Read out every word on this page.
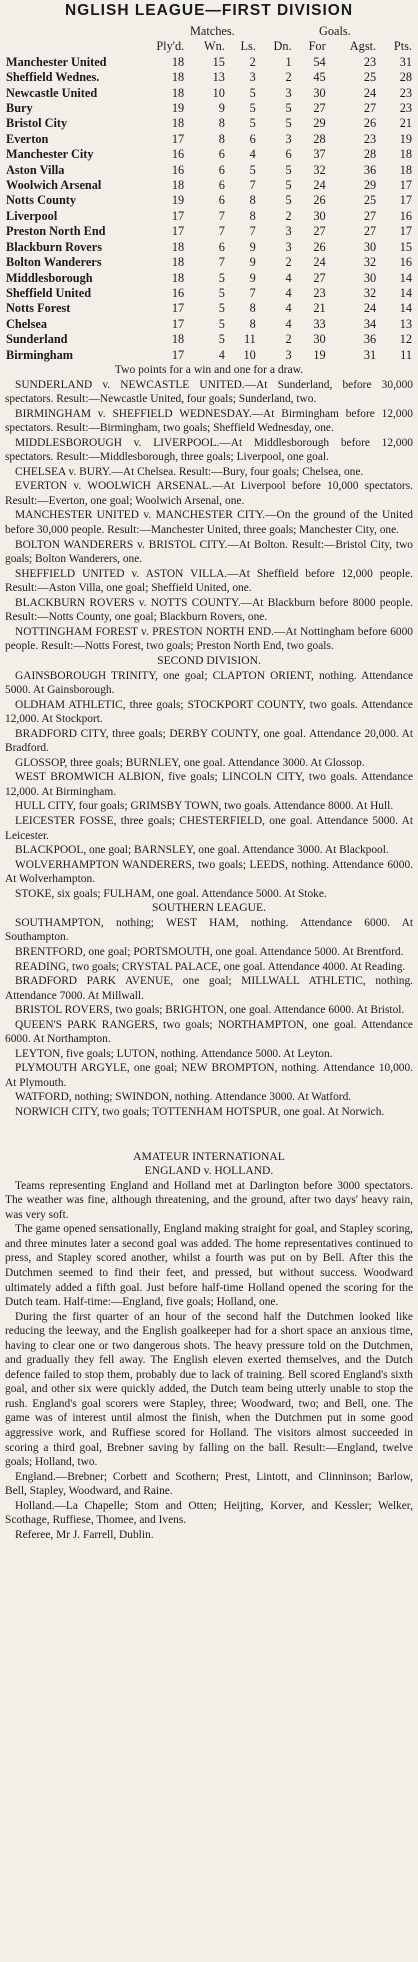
NGLISH LEAGUE—FIRST DIVISION
	Matches.				Goals.		
	Ply'd.	Wn.	Ls.	Dn.	For	Agst.	Pts.
Manchester United	18	15	2	1	54	23	31
Sheffield Wednes.	18	13	3	2	45	25	28
Newcastle United	18	10	5	3	30	24	23
Bury	19	9	5	5	27	27	23
Bristol City	18	8	5	5	29	26	21
Everton	17	8	6	3	28	23	19
Manchester City	16	6	4	6	37	28	18
Aston Villa	16	6	5	5	32	36	18
Woolwich Arsenal	18	6	7	5	24	29	17
Notts County	19	6	8	5	26	25	17
Liverpool	17	7	8	2	30	27	16
Preston North End	17	7	7	3	27	27	17
Blackburn Rovers	18	6	9	3	26	30	15
Bolton Wanderers	18	7	9	2	24	32	16
Middlesborough	18	5	9	4	27	30	14
Sheffield United	16	5	7	4	23	32	14
Notts Forest	17	5	8	4	21	24	14
Chelsea	17	5	8	4	33	34	13
Sunderland	18	5	11	2	30	36	12
Birmingham	17	4	10	3	19	31	11

Two points for a win and one for a draw.

SUNDERLAND v. NEWCASTLE UNITED.—At Sunderland, before 30,000 spectators. Result:—Newcastle United, four goals; Sunderland, two.

BIRMINGHAM v. SHEFFIELD WEDNESDAY.—At Birmingham before 12,000 spectators. Result:—Birmingham, two goals; Sheffield Wednesday, one.

MIDDLESBOROUGH v. LIVERPOOL.—At Middlesborough before 12,000 spectators. Result:—Middlesborough, three goals; Liverpool, one goal.

CHELSEA v. BURY.—At Chelsea. Result:—Bury, four goals; Chelsea, one.

EVERTON v. WOOLWICH ARSENAL.—At Liverpool before 10,000 spectators. Result:—Everton, one goal; Woolwich Arsenal, one.

MANCHESTER UNITED v. MANCHESTER CITY.—On the ground of the United before 30,000 people. Result:—Manchester United, three goals; Manchester City, one.

BOLTON WANDERERS v. BRISTOL CITY.—At Bolton. Result:—Bristol City, two goals; Bolton Wanderers, one.

SHEFFIELD UNITED v. ASTON VILLA.—At Sheffield before 12,000 people. Result:—Aston Villa, one goal; Sheffield United, one.

BLACKBURN ROVERS v. NOTTS COUNTY.—At Blackburn before 8000 people. Result:—Notts County, one goal; Blackburn Rovers, one.

NOTTINGHAM FOREST v. PRESTON NORTH END.—At Nottingham before 6000 people. Result:—Notts Forest, two goals; Preston North End, two goals.

SECOND DIVISION.

GAINSBOROUGH TRINITY, one goal; CLAPTON ORIENT, nothing. Attendance 5000. At Gainsborough.

OLDHAM ATHLETIC, three goals; STOCKPORT COUNTY, two goals. Attendance 12,000. At Stockport.

BRADFORD CITY, three goals; DERBY COUNTY, one goal. Attendance 20,000. At Bradford.

GLOSSOP, three goals; BURNLEY, one goal. Attendance 3000. At Glossop.

WEST BROMWICH ALBION, five goals; LINCOLN CITY, two goals. Attendance 12,000. At Birmingham.

HULL CITY, four goals; GRIMSBY TOWN, two goals. Attendance 8000. At Hull.

LEICESTER FOSSE, three goals; CHESTERFIELD, one goal. Attendance 5000. At Leicester.

BLACKPOOL, one goal; BARNSLEY, one goal. Attendance 3000. At Blackpool.

WOLVERHAMPTON WANDERERS, two goals; LEEDS, nothing. Attendance 6000. At Wolverhampton.

STOKE, six goals; FULHAM, one goal. Attendance 5000. At Stoke.

SOUTHERN LEAGUE.

SOUTHAMPTON, nothing; WEST HAM, nothing. Attendance 6000. At Southampton.

BRENTFORD, one goal; PORTSMOUTH, one goal. Attendance 5000. At Brentford.

READING, two goals; CRYSTAL PALACE, one goal. Attendance 4000. At Reading.

BRADFORD PARK AVENUE, one goal; MILLWALL ATHLETIC, nothing. Attendance 7000. At Millwall.

BRISTOL ROVERS, two goals; BRIGHTON, one goal. Attendance 6000. At Bristol.

QUEEN'S PARK RANGERS, two goals; NORTHAMPTON, one goal. Attendance 6000. At Northampton.

LEYTON, five goals; LUTON, nothing. Attendance 5000. At Leyton.

PLYMOUTH ARGYLE, one goal; NEW BROMPTON, nothing. Attendance 10,000. At Plymouth.

WATFORD, nothing; SWINDON, nothing. Attendance 3000. At Watford.

NORWICH CITY, two goals; TOTTENHAM HOTSPUR, one goal. At Norwich.

AMATEUR INTERNATIONAL

ENGLAND v. HOLLAND.

Teams representing England and Holland met at Darlington before 3000 spectators. The weather was fine, although threatening, and the ground, after two days' heavy rain, was very soft.

The game opened sensationally, England making straight for goal, and Stapley scoring, and three minutes later a second goal was added. The home representatives continued to press, and Stapley scored another, whilst a fourth was put on by Bell. After this the Dutchmen seemed to find their feet, and pressed, but without success. Woodward ultimately added a fifth goal. Just before half-time Holland opened the scoring for the Dutch team. Half-time:—England, five goals; Holland, one.

During the first quarter of an hour of the second half the Dutchmen looked like reducing the leeway, and the English goalkeeper had for a short space an anxious time, having to clear one or two dangerous shots. The heavy pressure told on the Dutchmen, and gradually they fell away. The English eleven exerted themselves, and the Dutch defence failed to stop them, probably due to lack of training. Bell scored England's sixth goal, and other six were quickly added, the Dutch team being utterly unable to stop the rush. England's goal scorers were Stapley, three; Woodward, two; and Bell, one. The game was of interest until almost the finish, when the Dutchmen put in some good aggressive work, and Ruffiese scored for Holland. The visitors almost succeeded in scoring a third goal, Brebner saving by falling on the ball. Result:—England, twelve goals; Holland, two.

England.—Brebner; Corbett and Scothern; Prest, Lintott, and Clinninson; Barlow, Bell, Stapley, Woodward, and Raine.

Holland.—La Chapelle; Stom and Otten; Heijting, Korver, and Kessler; Welker, Scothage, Ruffiese, Thomee, and Ivens.

Referee, Mr J. Farrell, Dublin.
